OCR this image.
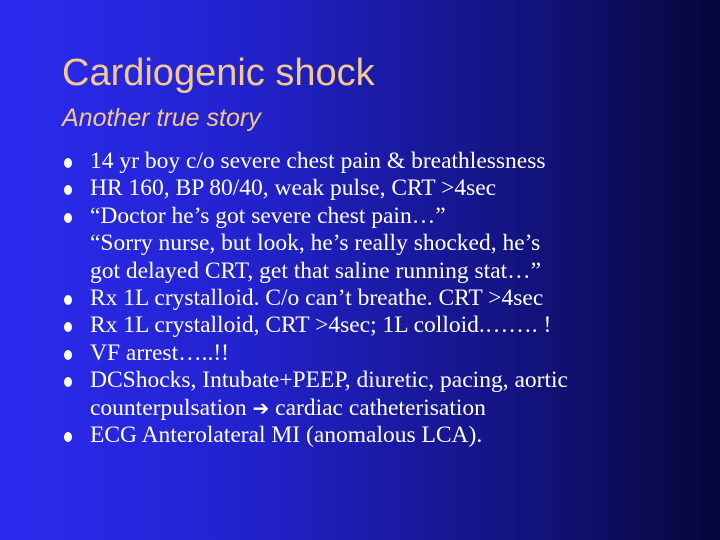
Cardiogenic shock
Another true story
14 yr boy c/o severe chest pain & breathlessness
HR 160, BP 80/40, weak pulse, CRT >4sec
“Doctor he’s got severe chest pain…”
“Sorry nurse, but look, he’s really shocked, he’s
got delayed CRT, get that saline running stat…”
Rx 1L crystalloid. C/o can’t breathe. CRT >4sec
Rx 1L crystalloid, CRT >4sec; 1L colloid.……. !
VF arrest…..!!
DCShocks, Intubate+PEEP, diuretic, pacing, aortic
counterpulsation ➔ cardiac catheterisation
ECG Anterolateral MI (anomalous LCA).
